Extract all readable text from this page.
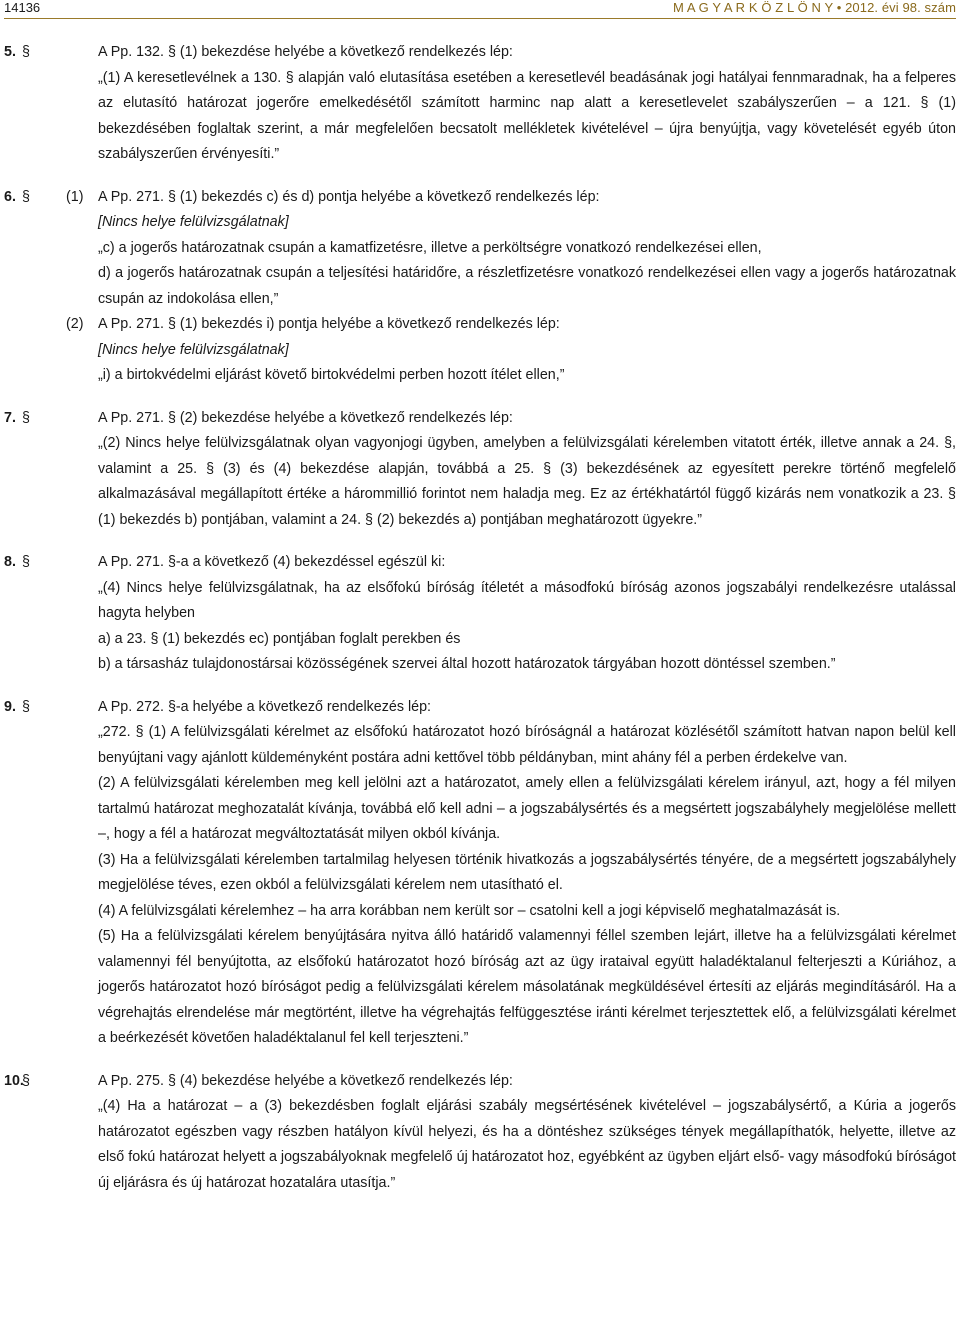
14136	M A G Y A R K Ö Z L Ö N Y • 2012. évi 98. szám
5. §	A Pp. 132. § (1) bekezdése helyébe a következő rendelkezés lép:

„(1) A keresetlevélnek a 130. § alapján való elutasítása esetében a keresetlevél beadásának jogi hatályai fennmaradnak, ha a felperes az elutasító határozat jogerőre emelkedésétől számított harminc nap alatt a keresetlevelet szabályszerűen – a 121. § (1) bekezdésében foglaltak szerint, a már megfelelően becsatolt mellékletek kivételével – újra benyújtja, vagy követelését egyéb úton szabályszerűen érvényesíti.”

6. §	(1)	A Pp. 271. § (1) bekezdés c) és d) pontja helyébe a következő rendelkezés lép:

[Nincs helye felülvizsgálatnak]

„c) a jogerős határozatnak csupán a kamatfizetésre, illetve a perköltségre vonatkozó rendelkezései ellen,

d) a jogerős határozatnak csupán a teljesítési határidőre, a részletfizetésre vonatkozó rendelkezései ellen vagy a jogerős határozatnak csupán az indokolása ellen,”

(2)	A Pp. 271. § (1) bekezdés i) pontja helyébe a következő rendelkezés lép:

[Nincs helye felülvizsgálatnak]

„i) a birtokvédelmi eljárást követő birtokvédelmi perben hozott ítélet ellen,”

7. §	A Pp. 271. § (2) bekezdése helyébe a következő rendelkezés lép:

„(2) Nincs helye felülvizsgálatnak olyan vagyonjogi ügyben, amelyben a felülvizsgálati kérelemben vitatott érték, illetve annak a 24. §, valamint a 25. § (3) és (4) bekezdése alapján, továbbá a 25. § (3) bekezdésének az egyesített perekre történő megfelelő alkalmazásával megállapított értéke a hárommillió forintot nem haladja meg. Ez az értékhatártól függő kizárás nem vonatkozik a 23. § (1) bekezdés b) pontjában, valamint a 24. § (2) bekezdés a) pontjában meghatározott ügyekre.”

8. §	A Pp. 271. §-a a következő (4) bekezdéssel egészül ki:

„(4) Nincs helye felülvizsgálatnak, ha az elsőfokú bíróság ítéletét a másodfokú bíróság azonos jogszabályi rendelkezésre utalással hagyta helyben

a) a 23. § (1) bekezdés ec) pontjában foglalt perekben és

b) a társasház tulajdonostársai közösségének szervei által hozott határozatok tárgyában hozott döntéssel szemben.”

9. §	A Pp. 272. §-a helyébe a következő rendelkezés lép:

„272. § (1) A felülvizsgálati kérelmet az elsőfokú határozatot hozó bíróságnál a határozat közlésétől számított hatvan napon belül kell benyújtani vagy ajánlott küldeményként postára adni kettővel több példányban, mint ahány fél a perben érdekelve van.

(2) A felülvizsgálati kérelemben meg kell jelölni azt a határozatot, amely ellen a felülvizsgálati kérelem irányul, azt, hogy a fél milyen tartalmú határozat meghozatalát kívánja, továbbá elő kell adni – a jogszabálysértés és a megsértett jogszabályhely megjelölése mellett –, hogy a fél a határozat megváltoztatását milyen okból kívánja.

(3) Ha a felülvizsgálati kérelemben tartalmilag helyesen történik hivatkozás a jogszabálysértés tényére, de a megsértett jogszabályhely megjelölése téves, ezen okból a felülvizsgálati kérelem nem utasítható el.

(4) A felülvizsgálati kérelemhez – ha arra korábban nem került sor – csatolni kell a jogi képviselő meghatalmazását is.

(5) Ha a felülvizsgálati kérelem benyújtására nyitva álló határidő valamennyi féllel szemben lejárt, illetve ha a felülvizsgálati kérelmet valamennyi fél benyújtotta, az elsőfokú határozatot hozó bíróság azt az ügy irataival együtt haladéktalanul felterjeszti a Kúriához, a jogerős határozatot hozó bíróságot pedig a felülvizsgálati kérelem másolatának megküldésével értesíti az eljárás megindításáról. Ha a végrehajtás elrendelése már megtörtént, illetve ha végrehajtás felfüggesztése iránti kérelmet terjesztettek elő, a felülvizsgálati kérelmet a beérkezését követően haladéktalanul fel kell terjeszteni.”

10.
§	A Pp. 275. § (4) bekezdése helyébe a következő rendelkezés lép:

„(4) Ha a határozat – a (3) bekezdésben foglalt eljárási szabály megsértésének kivételével – jogszabálysértő, a Kúria a jogerős határozatot egészben vagy részben hatályon kívül helyezi, és ha a döntéshez szükséges tények megállapíthatók, helyette, illetve az első fokú határozat helyett a jogszabályoknak megfelelő új határozatot hoz, egyébként az ügyben eljárt első- vagy másodfokú bíróságot új eljárásra és új határozat hozatalára utasítja.”
